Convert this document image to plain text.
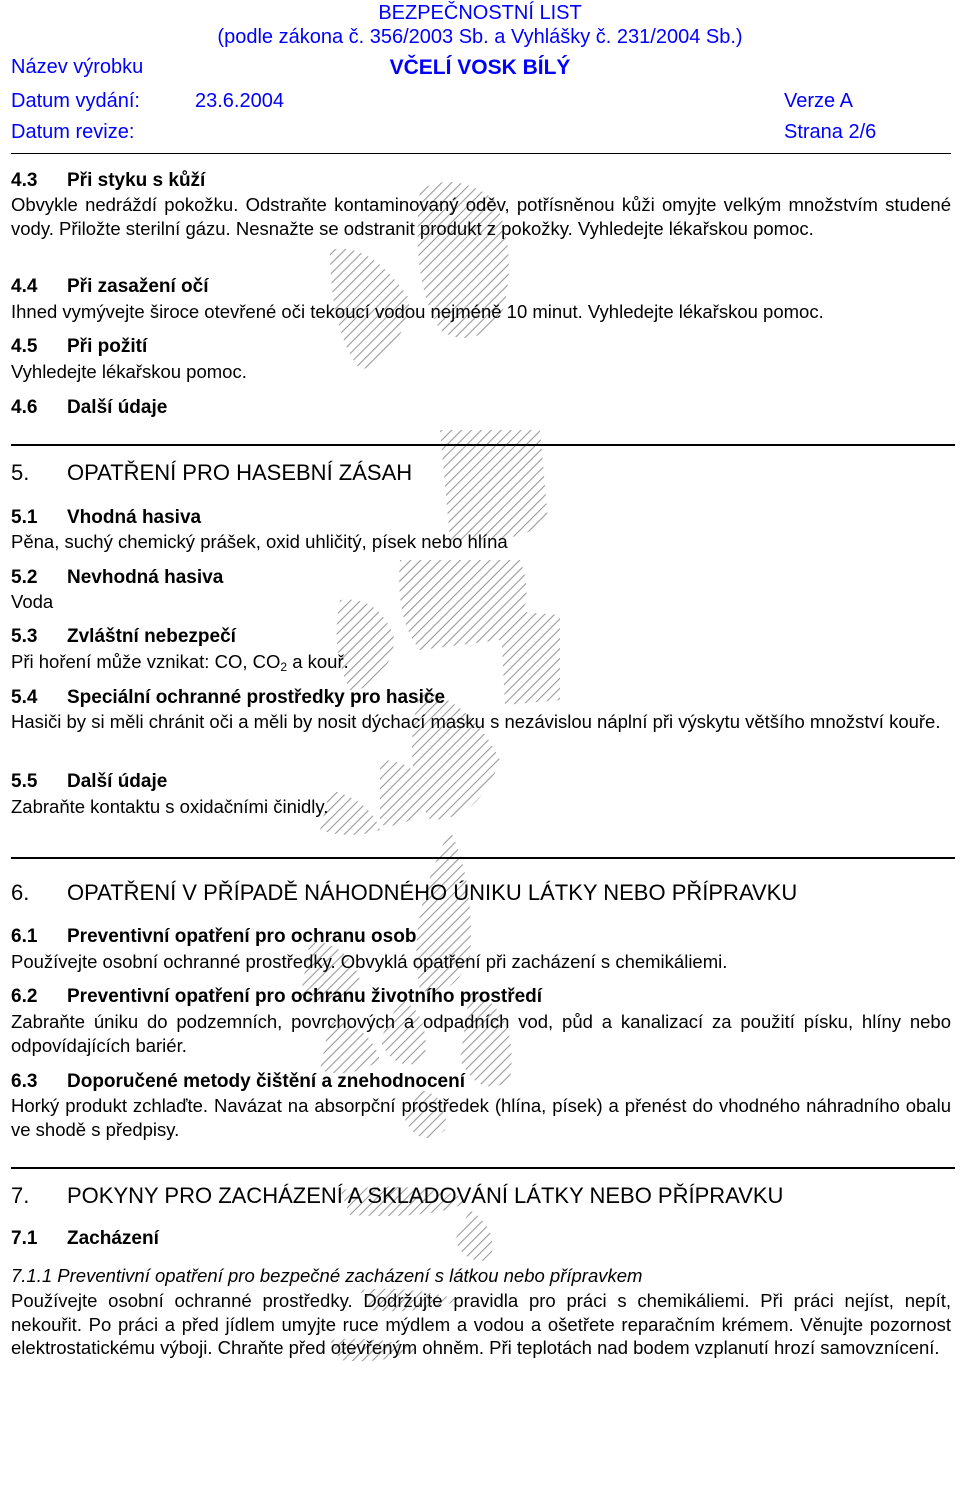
BEZPEČNOSTNÍ LIST
(podle zákona č. 356/2003 Sb. a Vyhlášky č. 231/2004 Sb.)
Název výrobku	VČELÍ VOSK BÍLÝ
Datum vydání:	23.6.2004	Verze A
Datum revize:	Strana 2/6
4.3 Při styku s kůží
Obvykle nedráždí pokožku. Odstraňte kontaminovaný oděv, potřísněnou kůži omyjte velkým množstvím studené vody. Přiložte sterilní gázu. Nesnažte se odstranit produkt z pokožky. Vyhledejte lékařskou pomoc.
4.4 Při zasažení očí
Ihned vymývejte široce otevřené oči tekoucí vodou nejméně 10 minut. Vyhledejte lékařskou pomoc.
4.5 Při požití
Vyhledejte lékařskou pomoc.
4.6 Další údaje
5. OPATŘENÍ PRO HASEBNÍ ZÁSAH
5.1 Vhodná hasiva
Pěna, suchý chemický prášek, oxid uhličitý, písek nebo hlína
5.2 Nevhodná hasiva
Voda
5.3 Zvláštní nebezpečí
Při hoření může vznikat: CO, $CO_2$ a kouř.
5.4 Speciální ochranné prostředky pro hasiče
Hasiči by si měli chránit oči a měli by nosit dýchací masku s nezávislou náplní při výskytu většího množství kouře.
5.5 Další údaje
Zabraňte kontaktu s oxidačními činidly.
6. OPATŘENÍ V PŘÍPADĚ NÁHODNÉHO ÚNIKU LÁTKY NEBO PŘÍPRAVKU
6.1 Preventivní opatření pro ochranu osob
Používejte osobní ochranné prostředky. Obvyklá opatření při zacházení s chemikáliemi.
6.2 Preventivní opatření pro ochranu životního prostředí
Zabraňte úniku do podzemních, povrchových a odpadních vod, půd a kanalizací za použití písku, hlíny nebo odpovídajících bariér.
6.3 Doporučené metody čištění a znehodnocení
Horký produkt zchlaďte. Navázat na absorpční prostředek (hlína, písek) a přenést do vhodného náhradního obalu ve shodě s předpisy.
7. POKYNY PRO ZACHÁZENÍ A SKLADOVÁNÍ LÁTKY NEBO PŘÍPRAVKU
7.1 Zacházení
7.1.1 Preventivní opatření pro bezpečné zacházení s látkou nebo přípravkem
Používejte osobní ochranné prostředky. Dodržujte pravidla pro práci s chemikáliemi. Při práci nejíst, nepít, nekouřit. Po práci a před jídlem umyjte ruce mýdlem a vodou a ošetřete reparačním krémem. Věnujte pozornost elektrostatickému výboji. Chraňte před otevřeným ohněm. Při teplotách nad bodem vzplanutí hrozí samovznícení.
